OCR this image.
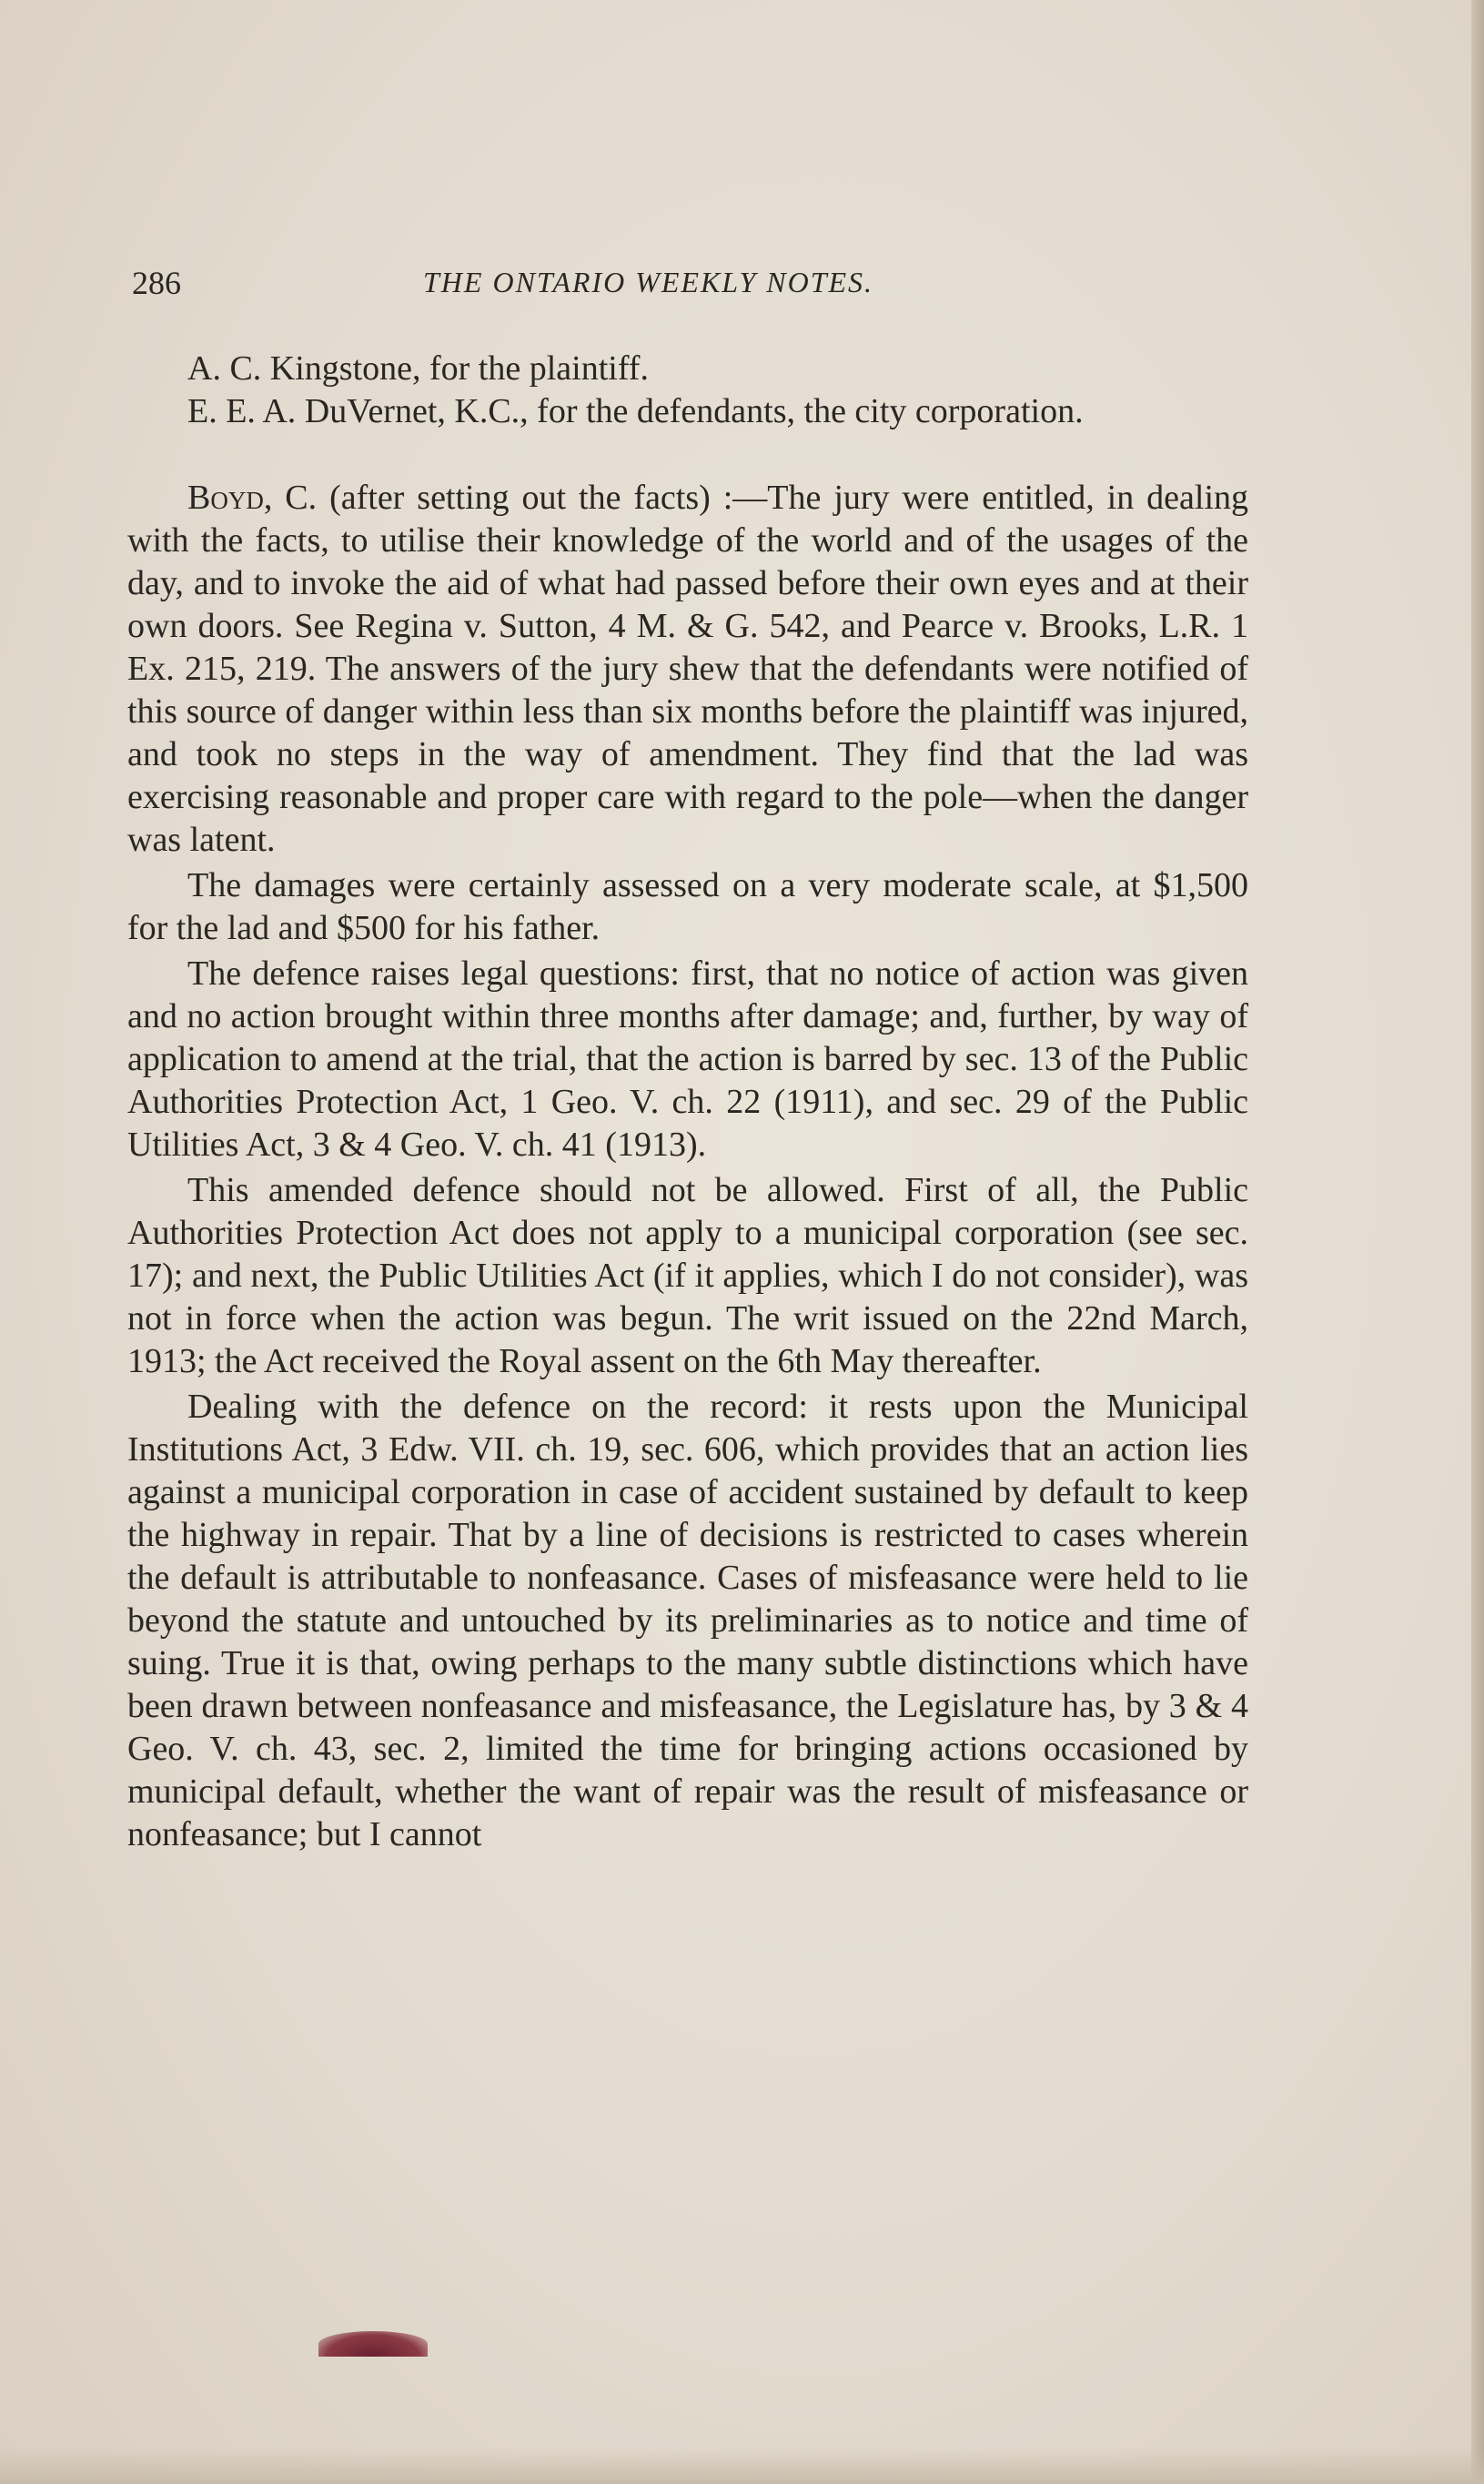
286	THE ONTARIO WEEKLY NOTES.

A. C. Kingstone, for the plaintiff.

E. E. A. DuVernet, K.C., for the defendants, the city corporation.

Boyd, C. (after setting out the facts) :—The jury were entitled, in dealing with the facts, to utilise their knowledge of the world and of the usages of the day, and to invoke the aid of what had passed before their own eyes and at their own doors. See Regina v. Sutton, 4 M. & G. 542, and Pearce v. Brooks, L.R. 1 Ex. 215, 219. The answers of the jury shew that the defendants were notified of this source of danger within less than six months before the plaintiff was injured, and took no steps in the way of amendment. They find that the lad was exercising reasonable and proper care with regard to the pole—when the danger was latent.

The damages were certainly assessed on a very moderate scale, at $1,500 for the lad and $500 for his father.

The defence raises legal questions: first, that no notice of action was given and no action brought within three months after damage; and, further, by way of application to amend at the trial, that the action is barred by sec. 13 of the Public Authorities Protection Act, 1 Geo. V. ch. 22 (1911), and sec. 29 of the Public Utilities Act, 3 & 4 Geo. V. ch. 41 (1913).

This amended defence should not be allowed. First of all, the Public Authorities Protection Act does not apply to a municipal corporation (see sec. 17); and next, the Public Utilities Act (if it applies, which I do not consider), was not in force when the action was begun. The writ issued on the 22nd March, 1913; the Act received the Royal assent on the 6th May thereafter.

Dealing with the defence on the record: it rests upon the Municipal Institutions Act, 3 Edw. VII. ch. 19, sec. 606, which provides that an action lies against a municipal corporation in case of accident sustained by default to keep the highway in repair. That by a line of decisions is restricted to cases wherein the default is attributable to nonfeasance. Cases of misfeasance were held to lie beyond the statute and untouched by its preliminaries as to notice and time of suing. True it is that, owing perhaps to the many subtle distinctions which have been drawn between nonfeasance and misfeasance, the Legislature has, by 3 & 4 Geo. V. ch. 43, sec. 2, limited the time for bringing actions occasioned by municipal default, whether the want of repair was the result of misfeasance or nonfeasance; but I cannot
